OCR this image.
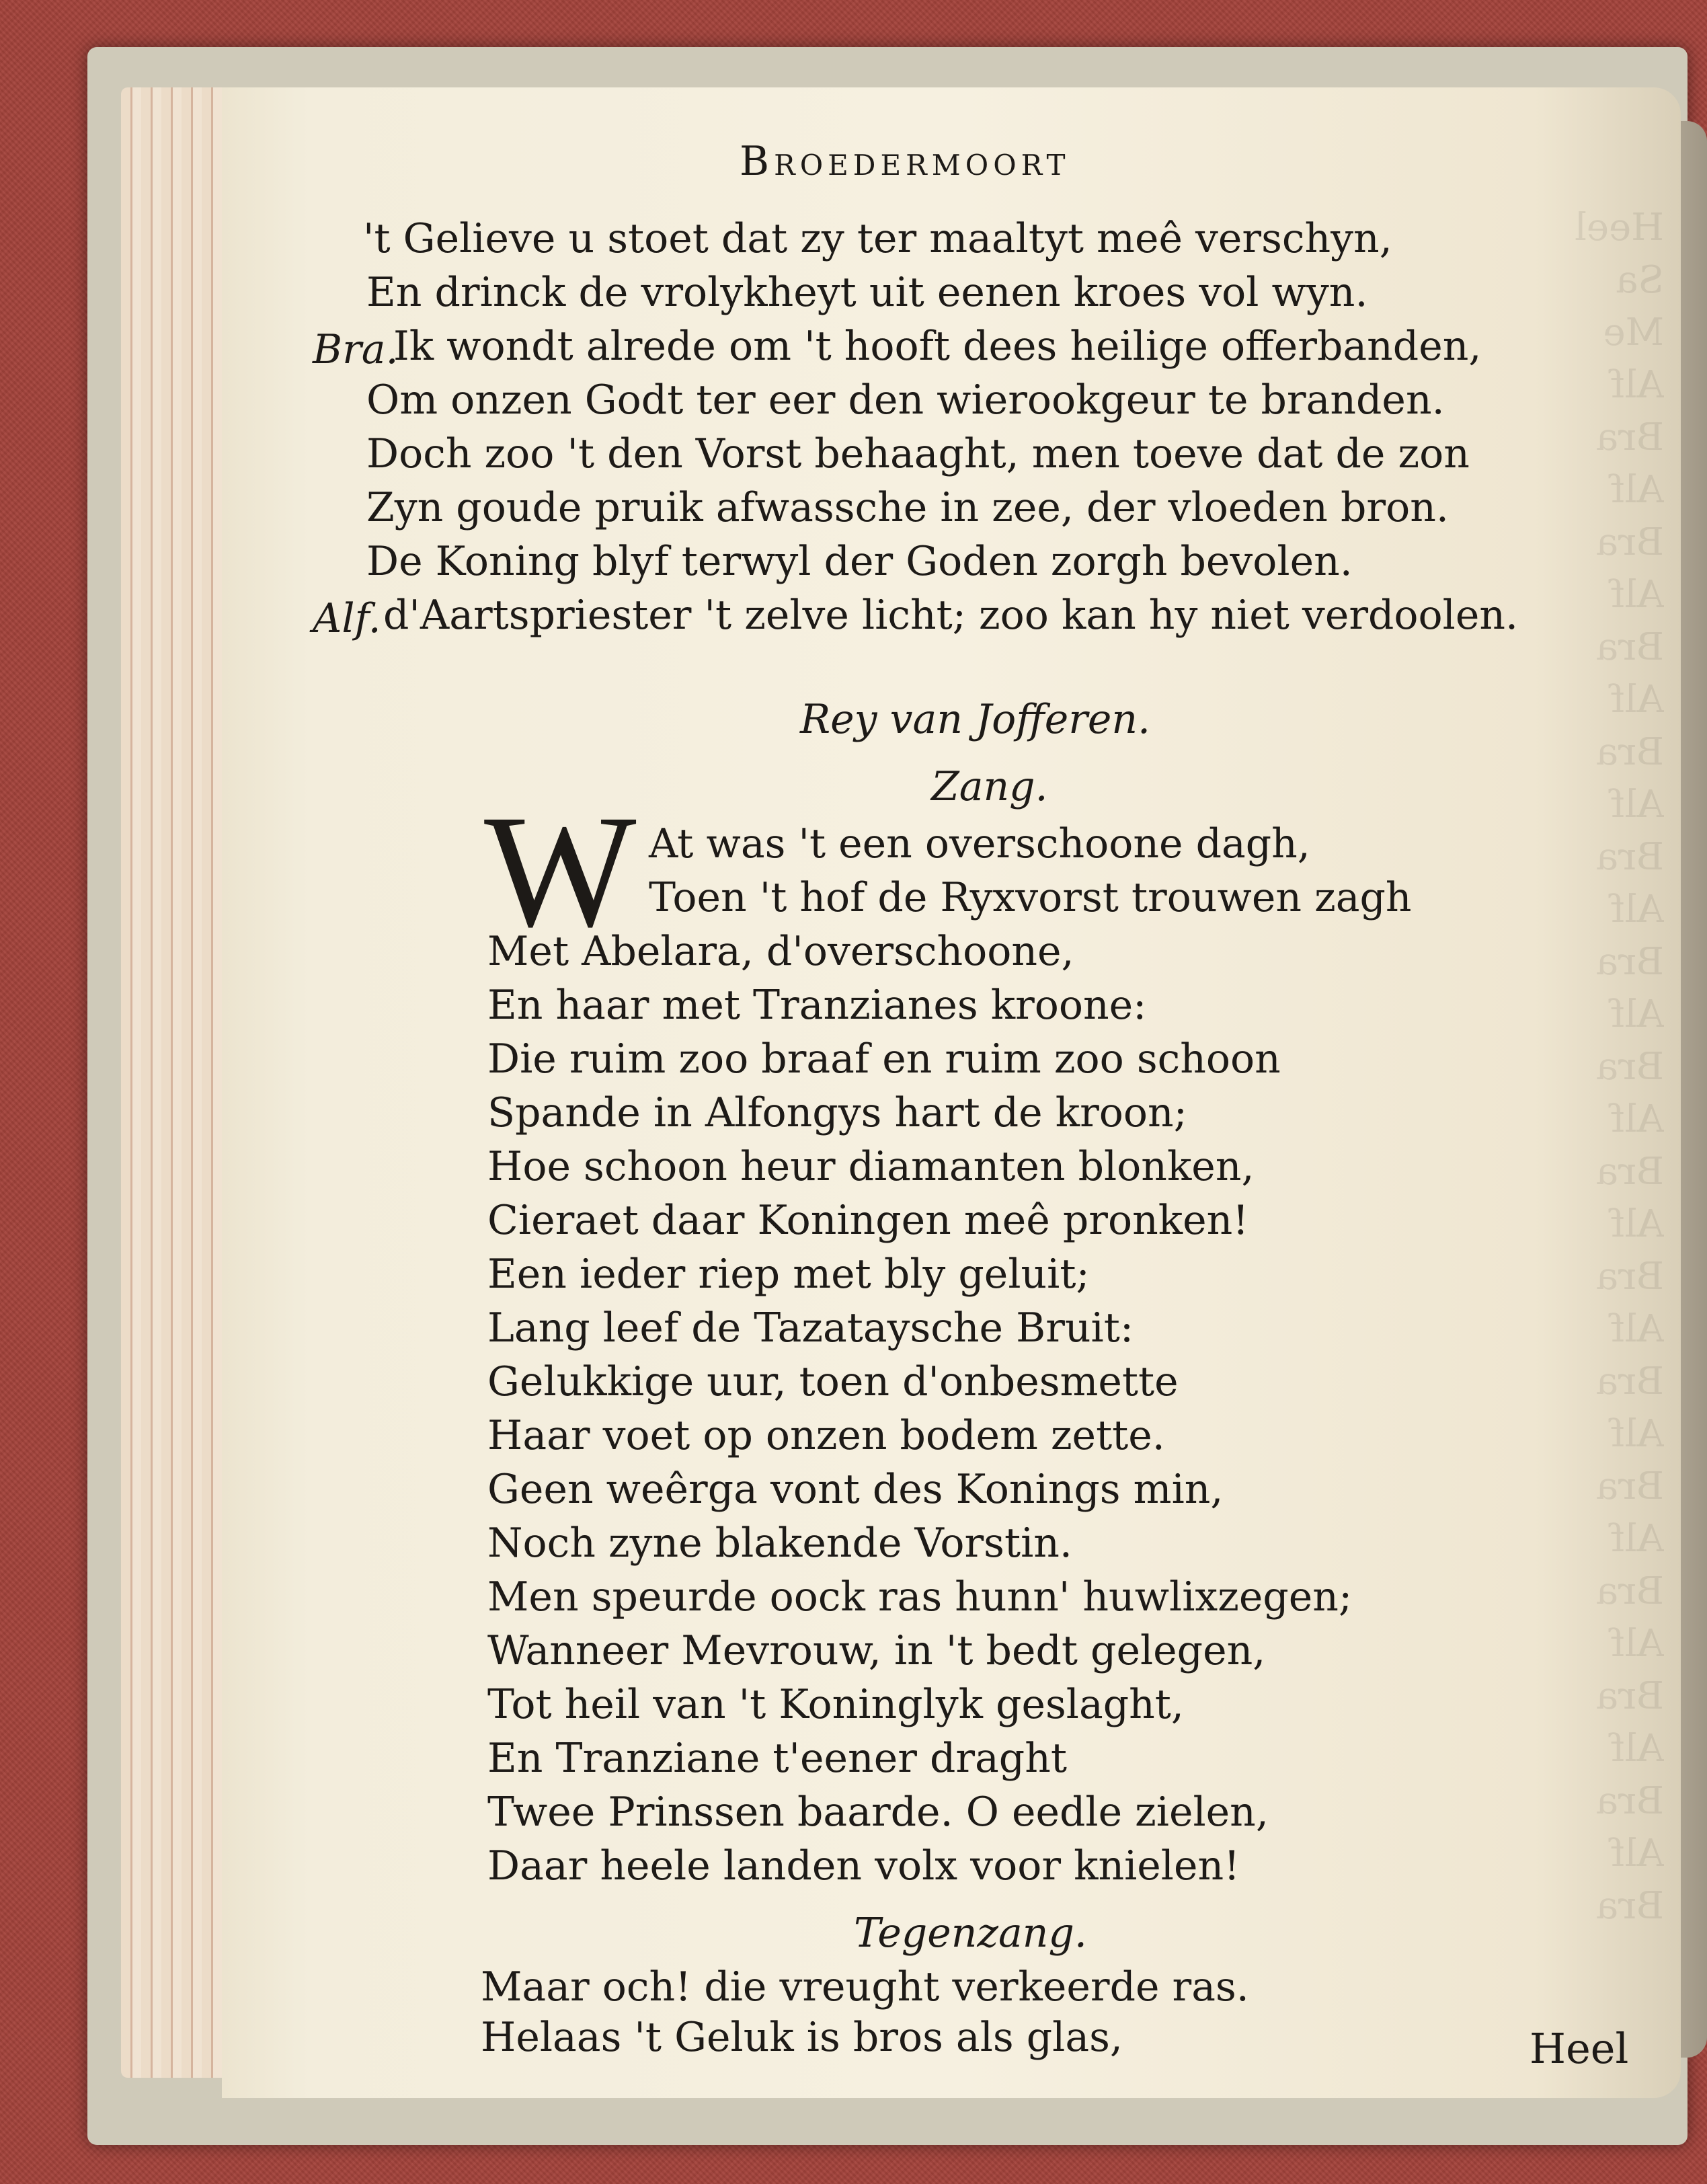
Heel
Sa
Me
Alf
Bra
Alf
Bra
Alf
Bra
Alf
Bra
Alf
Bra
Alf
Bra
Alf
Bra
Alf
Bra
Alf
Bra
Alf
Bra
Alf
Bra
Alf
Bra
Alf
Bra
Alf
Bra
Alf
Bra
Broedermoort
't Gelieve u stoet dat zy ter maaltyt meê verschyn,
En drinck de vrolykheyt uit eenen kroes vol wyn.
Bra.
Ik wondt alrede om 't hooft dees heilige offerbanden,
Om onzen Godt ter eer den wierookgeur te branden.
Doch zoo 't den Vorst behaaght, men toeve dat de zon
Zyn goude pruik afwassche in zee, der vloeden bron.
De Koning blyf terwyl der Goden zorgh bevolen.
Alf. d'Aartspriester 't zelve licht; zoo kan hy niet verdoolen.
Rey van Jofferen.
Zang.
W At was 't een overschoone dagh,
Toen 't hof de Ryxvorst trouwen zagh
Met Abelara, d'overschoone,
En haar met Tranzianes kroone:
Die ruim zoo braaf en ruim zoo schoon
Spande in Alfongys hart de kroon;
Hoe schoon heur diamanten blonken,
Cieraet daar Koningen meê pronken!
Een ieder riep met bly geluit;
Lang leef de Tazataysche Bruit:
Gelukkige uur, toen d'onbesmette
Haar voet op onzen bodem zette.
Geen weêrga vont des Konings min,
Noch zyne blakende Vorstin.
Men speurde oock ras hunn' huwlixzegen;
Wanneer Mevrouw, in 't bedt gelegen,
Tot heil van 't Koninglyk geslaght,
En Tranziane t'eener draght
Twee Prinssen baarde. O eedle zielen,
Daar heele landen volx voor knielen!
Tegenzang.
Maar och! die vreught verkeerde ras.
Helaas 't Geluk is bros als glas,	Heel
